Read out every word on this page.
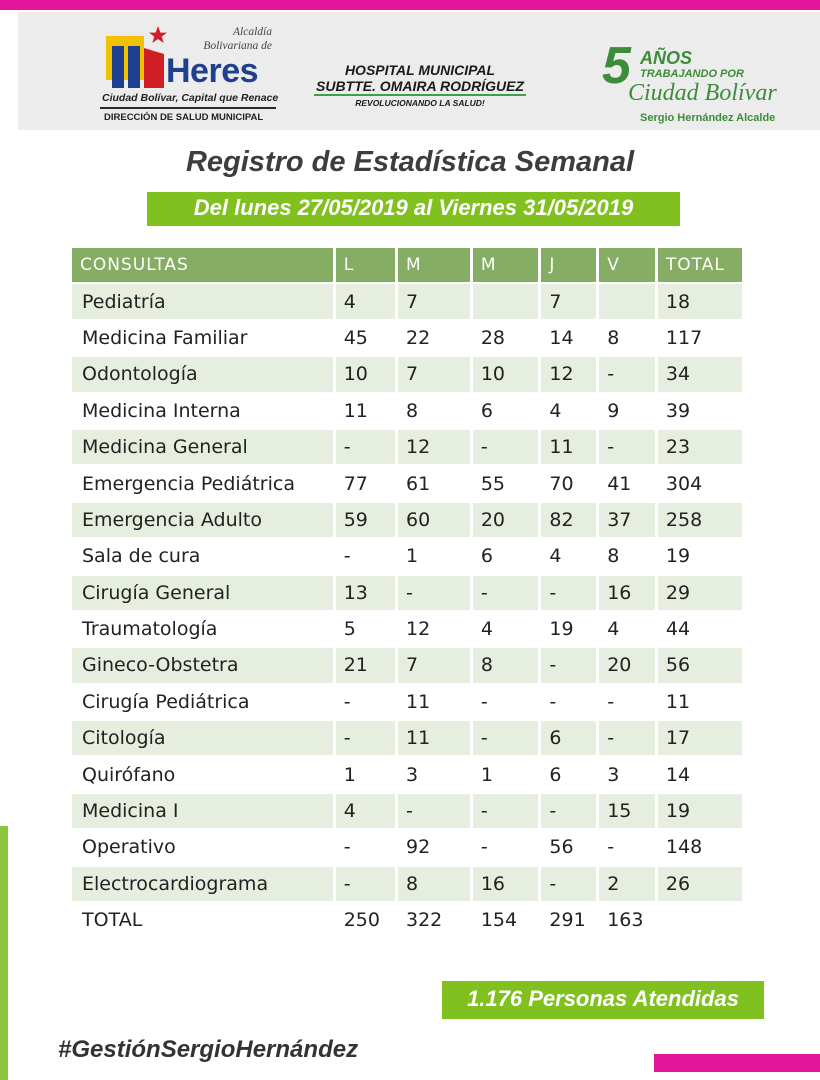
Alcaldía
Bolivariana de
Heres
Ciudad Bolívar, Capital que Renace
DIRECCIÓN DE SALUD MUNICIPAL
HOSPITAL MUNICIPAL
SUBTTE. OMAIRA RODRÍGUEZ
REVOLUCIONANDO LA SALUD!
5 AÑOS
TRABAJANDO POR
Ciudad Bolívar
Sergio Hernández Alcalde
Registro de Estadística Semanal
Del lunes 27/05/2019 al Viernes 31/05/2019
CONSULTAS	L	M	M	J	V	TOTAL
Pediatría	4	7		7		18
Medicina Familiar	45	22	28	14	8	117
Odontología	10	7	10	12	-	34
Medicina Interna	11	8	6	4	9	39
Medicina General	-	12	-	11	-	23
Emergencia Pediátrica	77	61	55	70	41	304
Emergencia Adulto	59	60	20	82	37	258
Sala de cura	-	1	6	4	8	19
Cirugía General	13	-	-	-	16	29
Traumatología	5	12	4	19	4	44
Gineco-Obstetra	21	7	8	-	20	56
Cirugía Pediátrica	-	11	-	-	-	11
Citología	-	11	-	6	-	17
Quirófano	1	3	1	6	3	14
Medicina I	4	-	-	-	15	19
Operativo	-	92	-	56	-	148
Electrocardiograma	-	8	16	-	2	26
TOTAL	250	322	154	291	163	
1.176 Personas Atendidas
#GestiónSergioHernández
